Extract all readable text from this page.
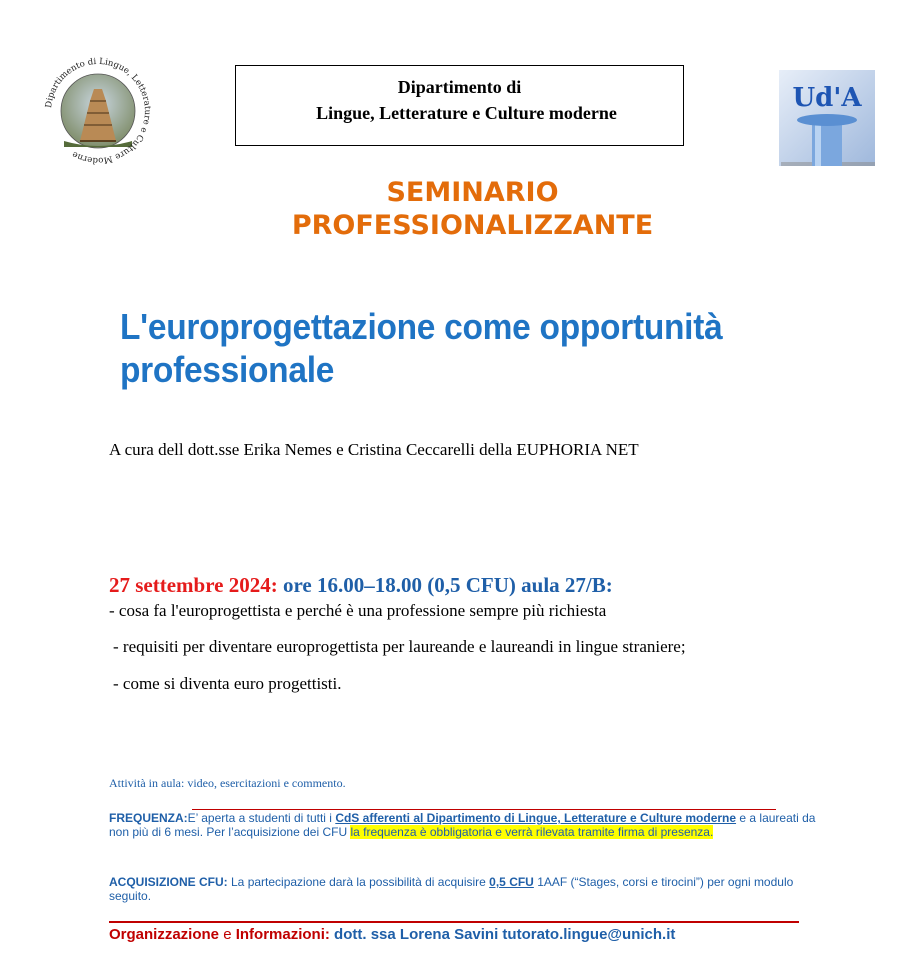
Dipartimento di Lingue, Letterature e Culture Moderne
Dipartimento di
Lingue, Letterature e Culture moderne	Ud'A
SEMINARIO
PROFESSIONALIZZANTE
L'europrogettazione come opportunità
professionale
A cura dell dott.sse Erika Nemes e Cristina Ceccarelli della EUPHORIA NET
27 settembre 2024: ore 16.00–18.00 (0,5 CFU) aula 27/B:
- cosa fa l'europrogettista e perché è una professione sempre più richiesta
- requisiti per diventare europrogettista per laureande e laureandi in lingue straniere;
- come si diventa euro progettisti.
Attività in aula: video, esercitazioni e commento.
FREQUENZA:E’ aperta a studenti di tutti i CdS afferenti al Dipartimento di Lingue, Letterature e Culture moderne e a laureati da non più di 6 mesi. Per l’acquisizione dei CFU la frequenza è obbligatoria e verrà rilevata tramite firma di presenza.
ACQUISIZIONE CFU: La partecipazione darà la possibilità di acquisire 0,5 CFU 1AAF (“Stages, corsi e tirocini”) per ogni modulo seguito.
Organizzazione e Informazioni: dott. ssa Lorena Savini tutorato.lingue@unich.it
